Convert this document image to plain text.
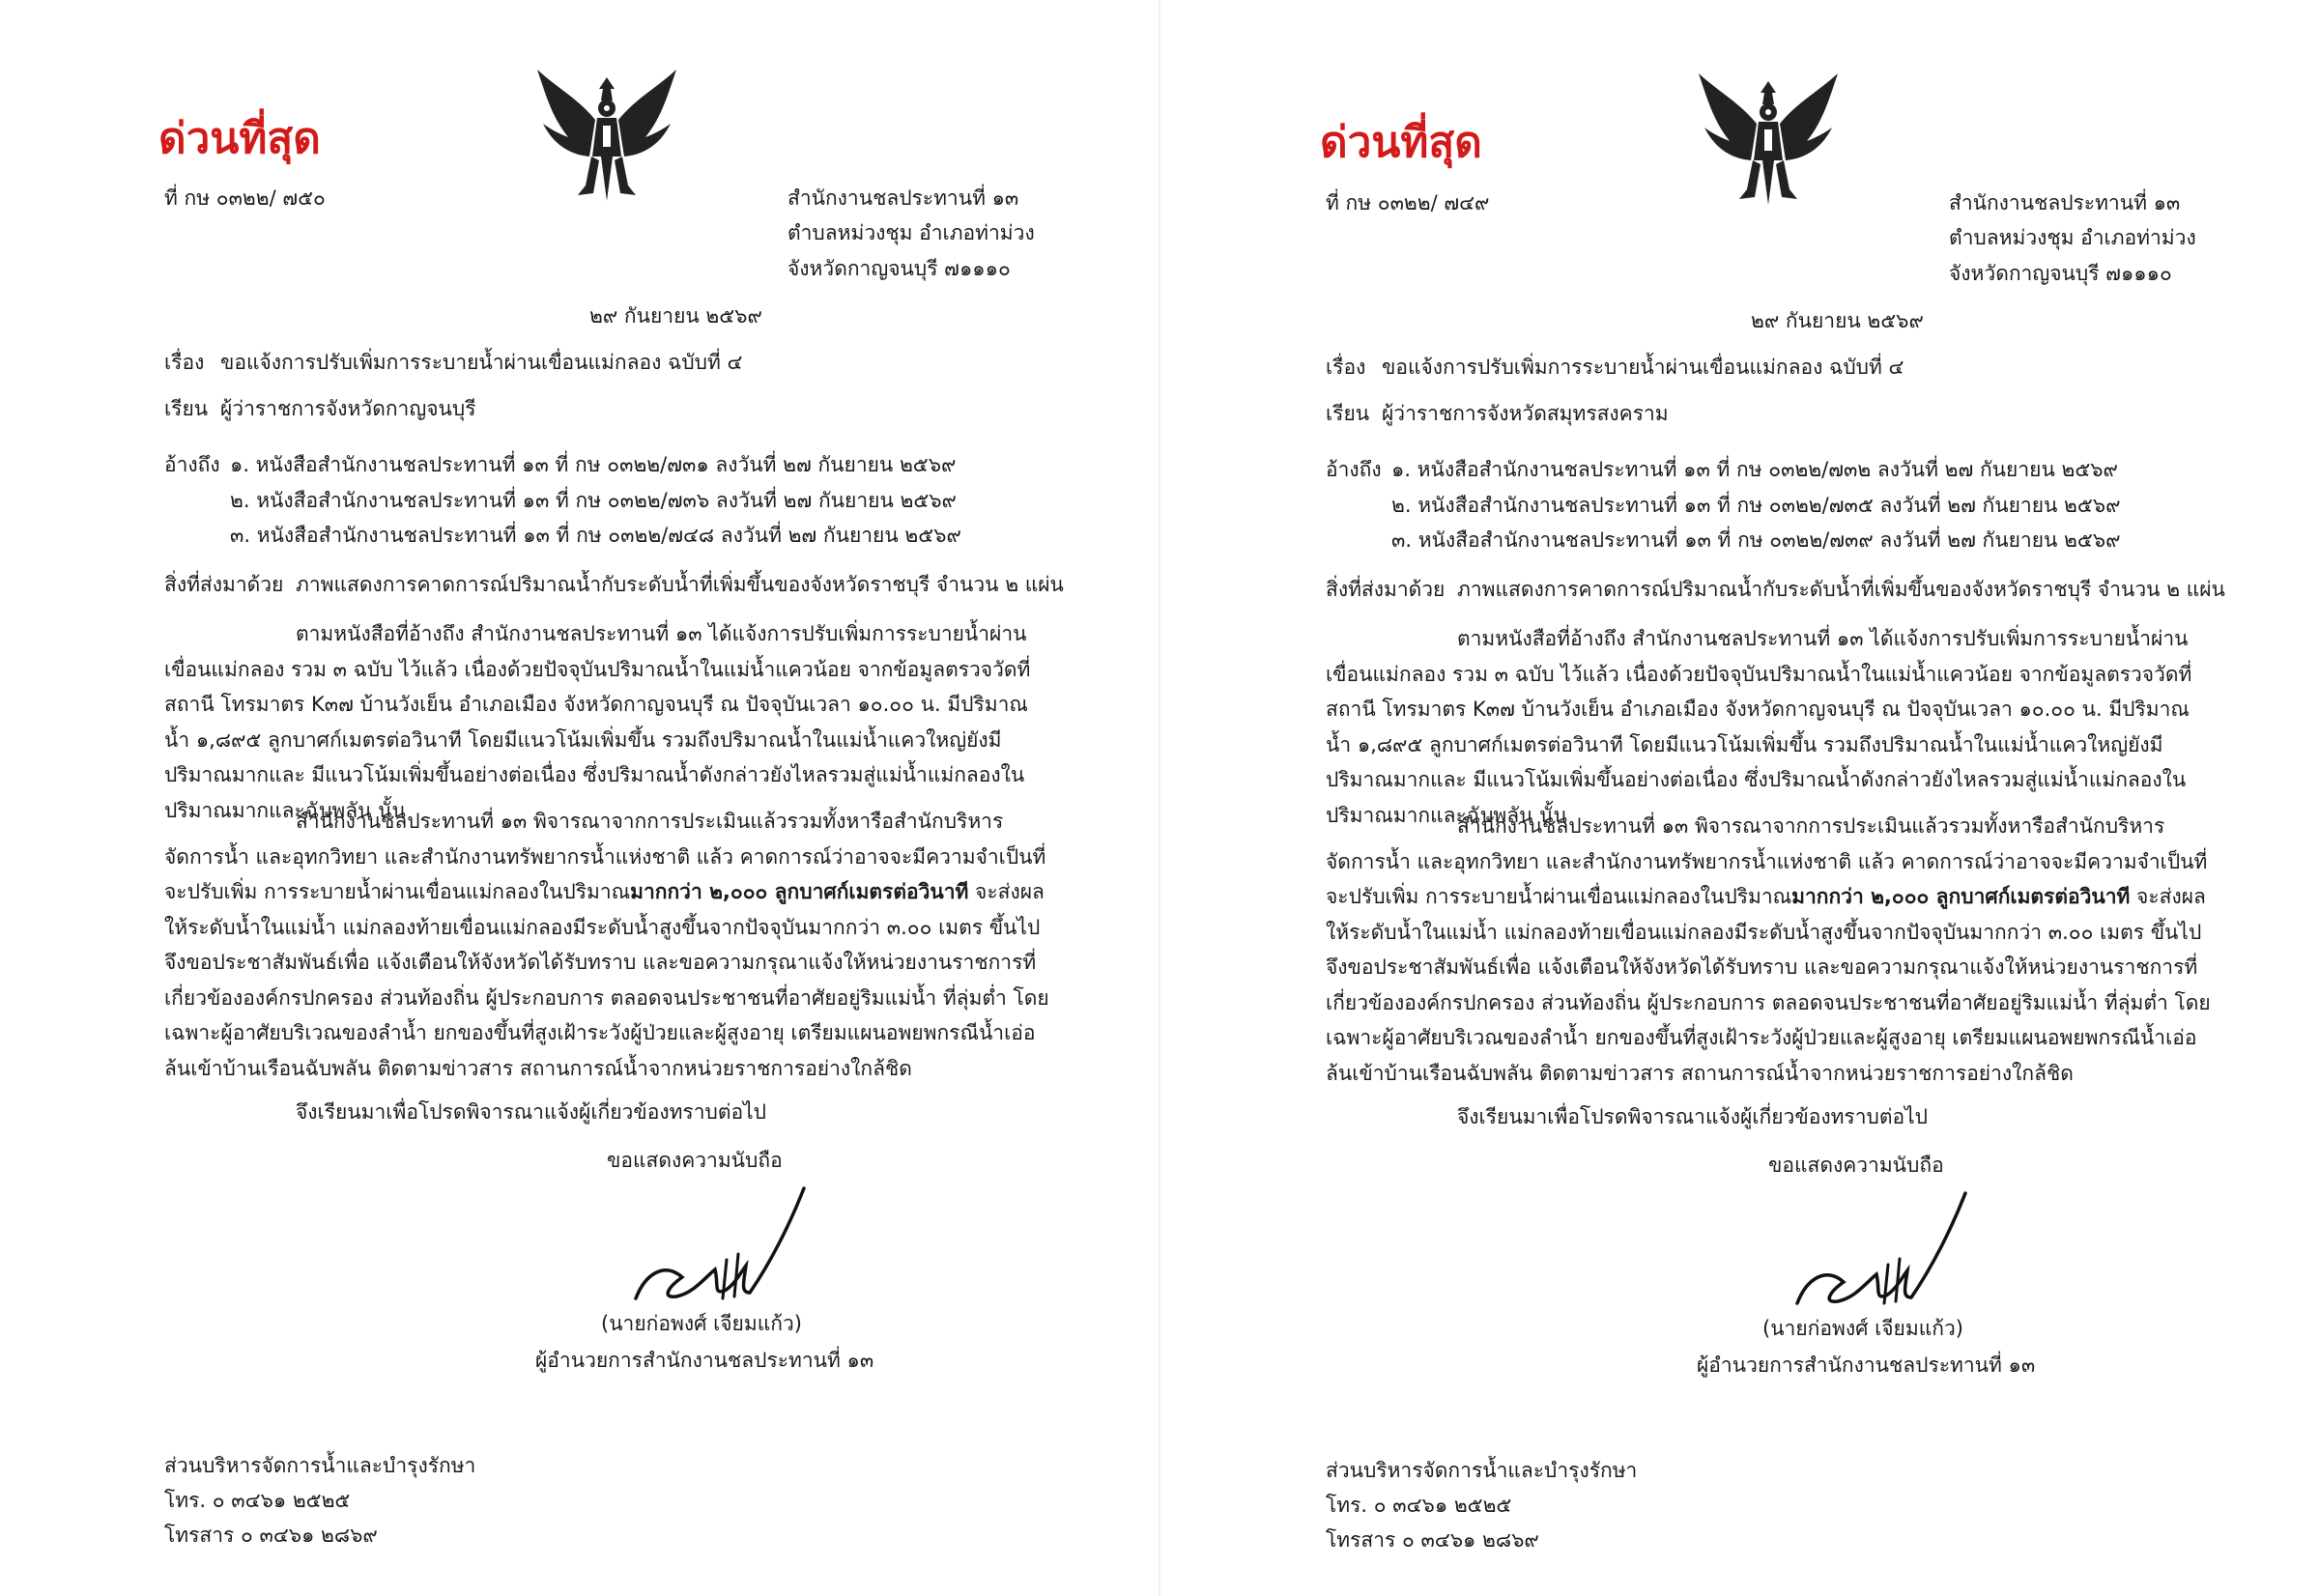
ด่วนที่สุด
ที่ กษ ๐๓๒๒/ ๗๕๐	สำนักงานชลประทานที่ ๑๓
ตำบลหม่วงชุม อำเภอท่าม่วง
จังหวัดกาญจนบุรี ๗๑๑๑๐
๒๙ กันยายน ๒๕๖๙
เรื่อง ขอแจ้งการปรับเพิ่มการระบายน้ำผ่านเขื่อนแม่กลอง ฉบับที่ ๔
เรียน ผู้ว่าราชการจังหวัดกาญจนบุรี
อ้างถึง ๑. หนังสือสำนักงานชลประทานที่ ๑๓ ที่ กษ ๐๓๒๒/๗๓๑ ลงวันที่ ๒๗ กันยายน ๒๕๖๙
๒. หนังสือสำนักงานชลประทานที่ ๑๓ ที่ กษ ๐๓๒๒/๗๓๖ ลงวันที่ ๒๗ กันยายน ๒๕๖๙
๓. หนังสือสำนักงานชลประทานที่ ๑๓ ที่ กษ ๐๓๒๒/๗๔๘ ลงวันที่ ๒๗ กันยายน ๒๕๖๙
สิ่งที่ส่งมาด้วย ภาพแสดงการคาดการณ์ปริมาณน้ำกับระดับน้ำที่เพิ่มขึ้นของจังหวัดราชบุรี จำนวน ๒ แผ่น
ตามหนังสือที่อ้างถึง สำนักงานชลประทานที่ ๑๓ ได้แจ้งการปรับเพิ่มการระบายน้ำผ่าน เขื่อนแม่กลอง รวม ๓ ฉบับ ไว้แล้ว เนื่องด้วยปัจจุบันปริมาณน้ำในแม่น้ำแควน้อย จากข้อมูลตรวจวัดที่สถานี โทรมาตร K๓๗ บ้านวังเย็น อำเภอเมือง จังหวัดกาญจนบุรี ณ ปัจจุบันเวลา ๑๐.๐๐ น. มีปริมาณน้ำ ๑,๘๙๕ ลูกบาศก์เมตรต่อวินาที โดยมีแนวโน้มเพิ่มขึ้น รวมถึงปริมาณน้ำในแม่น้ำแควใหญ่ยังมีปริมาณมากและ มีแนวโน้มเพิ่มขึ้นอย่างต่อเนื่อง ซึ่งปริมาณน้ำดังกล่าวยังไหลรวมสู่แม่น้ำแม่กลองในปริมาณมากและฉับพลัน นั้น
สำนักงานชลประทานที่ ๑๓ พิจารณาจากการประเมินแล้วรวมทั้งหารือสำนักบริหารจัดการน้ำ และอุทกวิทยา และสำนักงานทรัพยากรน้ำแห่งชาติ แล้ว คาดการณ์ว่าอาจจะมีความจำเป็นที่จะปรับเพิ่ม การระบายน้ำผ่านเขื่อนแม่กลองในปริมาณมากกว่า ๒,๐๐๐ ลูกบาศก์เมตรต่อวินาที จะส่งผลให้ระดับน้ำในแม่น้ำ แม่กลองท้ายเขื่อนแม่กลองมีระดับน้ำสูงขึ้นจากปัจจุบันมากกว่า ๓.๐๐ เมตร ขึ้นไป จึงขอประชาสัมพันธ์เพื่อ แจ้งเตือนให้จังหวัดได้รับทราบ และขอความกรุณาแจ้งให้หน่วยงานราชการที่เกี่ยวข้ององค์กรปกครอง ส่วนท้องถิ่น ผู้ประกอบการ ตลอดจนประชาชนที่อาศัยอยู่ริมแม่น้ำ ที่ลุ่มต่ำ โดยเฉพาะผู้อาศัยบริเวณของลำน้ำ ยกของขึ้นที่สูงเฝ้าระวังผู้ป่วยและผู้สูงอายุ เตรียมแผนอพยพกรณีน้ำเอ่อล้นเข้าบ้านเรือนฉับพลัน ติดตามข่าวสาร สถานการณ์น้ำจากหน่วยราชการอย่างใกล้ชิด
จึงเรียนมาเพื่อโปรดพิจารณาแจ้งผู้เกี่ยวข้องทราบต่อไป
ขอแสดงความนับถือ
(นายก่อพงศ์ เจียมแก้ว)
ผู้อำนวยการสำนักงานชลประทานที่ ๑๓
ส่วนบริหารจัดการน้ำและบำรุงรักษา
โทร. ๐ ๓๔๖๑ ๒๕๒๕
โทรสาร ๐ ๓๔๖๑ ๒๘๖๙
ด่วนที่สุด
ที่ กษ ๐๓๒๒/ ๗๔๙	สำนักงานชลประทานที่ ๑๓
ตำบลหม่วงชุม อำเภอท่าม่วง
จังหวัดกาญจนบุรี ๗๑๑๑๐
๒๙ กันยายน ๒๕๖๙
เรื่อง ขอแจ้งการปรับเพิ่มการระบายน้ำผ่านเขื่อนแม่กลอง ฉบับที่ ๔
เรียน ผู้ว่าราชการจังหวัดสมุทรสงคราม
อ้างถึง ๑. หนังสือสำนักงานชลประทานที่ ๑๓ ที่ กษ ๐๓๒๒/๗๓๒ ลงวันที่ ๒๗ กันยายน ๒๕๖๙
๒. หนังสือสำนักงานชลประทานที่ ๑๓ ที่ กษ ๐๓๒๒/๗๓๕ ลงวันที่ ๒๗ กันยายน ๒๕๖๙
๓. หนังสือสำนักงานชลประทานที่ ๑๓ ที่ กษ ๐๓๒๒/๗๓๙ ลงวันที่ ๒๗ กันยายน ๒๕๖๙
สิ่งที่ส่งมาด้วย ภาพแสดงการคาดการณ์ปริมาณน้ำกับระดับน้ำที่เพิ่มขึ้นของจังหวัดราชบุรี จำนวน ๒ แผ่น
ตามหนังสือที่อ้างถึง สำนักงานชลประทานที่ ๑๓ ได้แจ้งการปรับเพิ่มการระบายน้ำผ่าน เขื่อนแม่กลอง รวม ๓ ฉบับ ไว้แล้ว เนื่องด้วยปัจจุบันปริมาณน้ำในแม่น้ำแควน้อย จากข้อมูลตรวจวัดที่สถานี โทรมาตร K๓๗ บ้านวังเย็น อำเภอเมือง จังหวัดกาญจนบุรี ณ ปัจจุบันเวลา ๑๐.๐๐ น. มีปริมาณน้ำ ๑,๘๙๕ ลูกบาศก์เมตรต่อวินาที โดยมีแนวโน้มเพิ่มขึ้น รวมถึงปริมาณน้ำในแม่น้ำแควใหญ่ยังมีปริมาณมากและ มีแนวโน้มเพิ่มขึ้นอย่างต่อเนื่อง ซึ่งปริมาณน้ำดังกล่าวยังไหลรวมสู่แม่น้ำแม่กลองในปริมาณมากและฉับพลัน นั้น
สำนักงานชลประทานที่ ๑๓ พิจารณาจากการประเมินแล้วรวมทั้งหารือสำนักบริหารจัดการน้ำ และอุทกวิทยา และสำนักงานทรัพยากรน้ำแห่งชาติ แล้ว คาดการณ์ว่าอาจจะมีความจำเป็นที่จะปรับเพิ่ม การระบายน้ำผ่านเขื่อนแม่กลองในปริมาณมากกว่า ๒,๐๐๐ ลูกบาศก์เมตรต่อวินาที จะส่งผลให้ระดับน้ำในแม่น้ำ แม่กลองท้ายเขื่อนแม่กลองมีระดับน้ำสูงขึ้นจากปัจจุบันมากกว่า ๓.๐๐ เมตร ขึ้นไป จึงขอประชาสัมพันธ์เพื่อ แจ้งเตือนให้จังหวัดได้รับทราบ และขอความกรุณาแจ้งให้หน่วยงานราชการที่เกี่ยวข้ององค์กรปกครอง ส่วนท้องถิ่น ผู้ประกอบการ ตลอดจนประชาชนที่อาศัยอยู่ริมแม่น้ำ ที่ลุ่มต่ำ โดยเฉพาะผู้อาศัยบริเวณของลำน้ำ ยกของขึ้นที่สูงเฝ้าระวังผู้ป่วยและผู้สูงอายุ เตรียมแผนอพยพกรณีน้ำเอ่อล้นเข้าบ้านเรือนฉับพลัน ติดตามข่าวสาร สถานการณ์น้ำจากหน่วยราชการอย่างใกล้ชิด
จึงเรียนมาเพื่อโปรดพิจารณาแจ้งผู้เกี่ยวข้องทราบต่อไป
ขอแสดงความนับถือ
(นายก่อพงศ์ เจียมแก้ว)
ผู้อำนวยการสำนักงานชลประทานที่ ๑๓
ส่วนบริหารจัดการน้ำและบำรุงรักษา
โทร. ๐ ๓๔๖๑ ๒๕๒๕
โทรสาร ๐ ๓๔๖๑ ๒๘๖๙
